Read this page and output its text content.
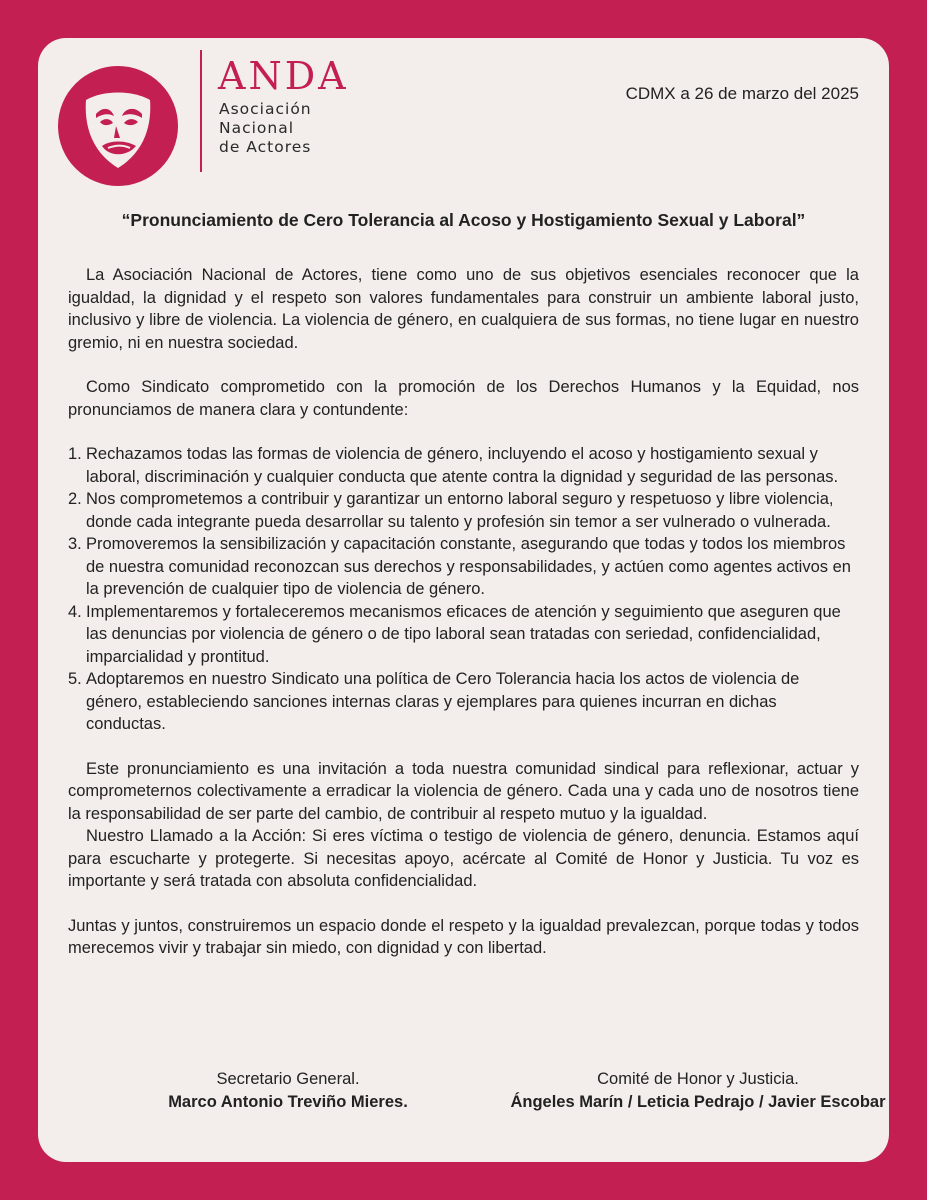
ANDA
Asociación
Nacional
de Actores
CDMX a 26 de marzo del 2025
“Pronunciamiento de Cero Tolerancia al Acoso y Hostigamiento Sexual y Laboral”

La Asociación Nacional de Actores, tiene como uno de sus objetivos esenciales reconocer que la igualdad, la dignidad y el respeto son valores fundamentales para construir un ambiente laboral justo, inclusivo y libre de violencia. La violencia de género, en cualquiera de sus formas, no tiene lugar en nuestro gremio, ni en nuestra sociedad.

Como Sindicato comprometido con la promoción de los Derechos Humanos y la Equidad, nos pronunciamos de manera clara y contundente:

1. Rechazamos todas las formas de violencia de género, incluyendo el acoso y hostigamiento sexual y laboral, discriminación y cualquier conducta que atente contra la dignidad y seguridad de las personas.
2. Nos comprometemos a contribuir y garantizar un entorno laboral seguro y respetuoso y libre violencia, donde cada integrante pueda desarrollar su talento y profesión sin temor a ser vulnerado o vulnerada.
3. Promoveremos la sensibilización y capacitación constante, asegurando que todas y todos los miembros de nuestra comunidad reconozcan sus derechos y responsabilidades, y actúen como agentes activos en la prevención de cualquier tipo de violencia de género.
4. Implementaremos y fortaleceremos mecanismos eficaces de atención y seguimiento que aseguren que las denuncias por violencia de género o de tipo laboral sean tratadas con seriedad, confidencialidad, imparcialidad y prontitud.
5. Adoptaremos en nuestro Sindicato una política de Cero Tolerancia hacia los actos de violencia de género, estableciendo sanciones internas claras y ejemplares para quienes incurran en dichas conductas.

Este pronunciamiento es una invitación a toda nuestra comunidad sindical para reflexionar, actuar y comprometernos colectivamente a erradicar la violencia de género. Cada una y cada uno de nosotros tiene la responsabilidad de ser parte del cambio, de contribuir al respeto mutuo y la igualdad.

Nuestro Llamado a la Acción: Si eres víctima o testigo de violencia de género, denuncia. Estamos aquí para escucharte y protegerte. Si necesitas apoyo, acércate al Comité de Honor y Justicia. Tu voz es importante y será tratada con absoluta confidencialidad.

Juntas y juntos, construiremos un espacio donde el respeto y la igualdad prevalezcan, porque todas y todos merecemos vivir y trabajar sin miedo, con dignidad y con libertad.

Secretario General.
Marco Antonio Treviño Mieres.
Comité de Honor y Justicia.
Ángeles Marín / Leticia Pedrajo / Javier Escobar
